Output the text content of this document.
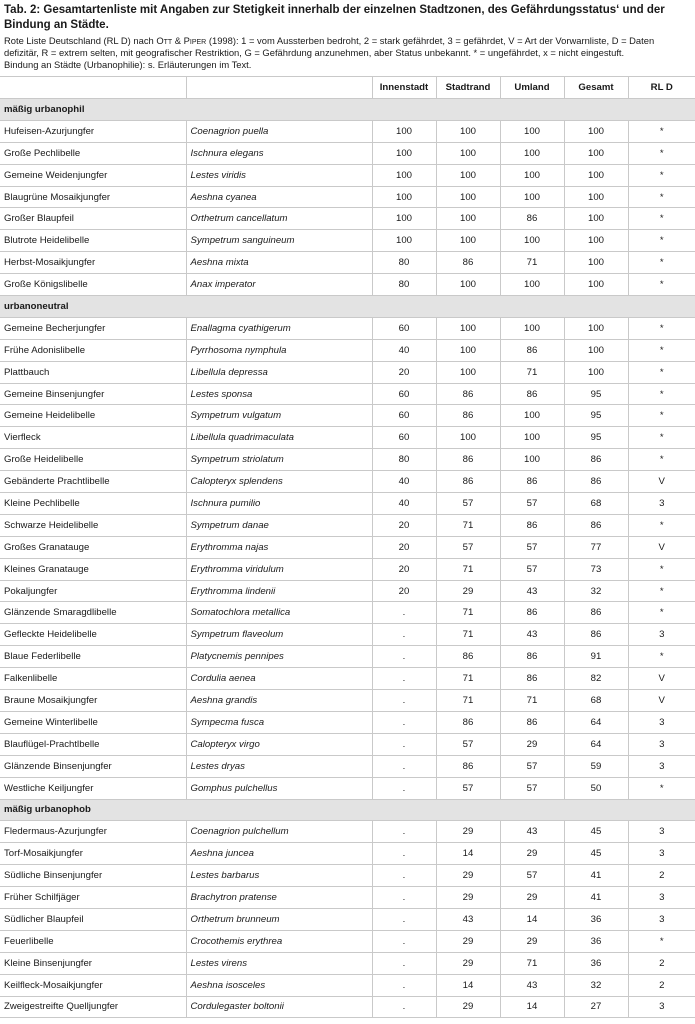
Tab. 2: Gesamtartenliste mit Angaben zur Stetigkeit innerhalb der einzelnen Stadtzonen, des Gefährdungsstatus‘ und der Bindung an Städte.

Rote Liste Deutschland (RL D) nach Ott & Piper (1998): 1 = vom Aussterben bedroht, 2 = stark gefährdet, 3 = gefährdet, V = Art der Vorwarnliste, D = Daten defizitär, R = extrem selten, mit geografischer Restriktion, G = Gefährdung anzunehmen, aber Status unbekannt. * = ungefährdet, x = nicht eingestuft.
Bindung an Städte (Urbanophilie): s. Erläuterungen im Text.
		Innenstadt	Stadtrand	Umland	Gesamt	RL D
mäßig urbanophil						
Hufeisen-Azurjungfer	Coenagrion puella	100	100	100	100	*
Große Pechlibelle	Ischnura elegans	100	100	100	100	*
Gemeine Weidenjungfer	Lestes viridis	100	100	100	100	*
Blaugrüne Mosaikjungfer	Aeshna cyanea	100	100	100	100	*
Großer Blaupfeil	Orthetrum cancellatum	100	100	86	100	*
Blutrote Heidelibelle	Sympetrum sanguineum	100	100	100	100	*
Herbst-Mosaikjungfer	Aeshna mixta	80	86	71	100	*
Große Königslibelle	Anax imperator	80	100	100	100	*
urbanoneutral						
Gemeine Becherjungfer	Enallagma cyathigerum	60	100	100	100	*
Frühe Adonislibelle	Pyrrhosoma nymphula	40	100	86	100	*
Plattbauch	Libellula depressa	20	100	71	100	*
Gemeine Binsenjungfer	Lestes sponsa	60	86	86	95	*
Gemeine Heidelibelle	Sympetrum vulgatum	60	86	100	95	*
Vierfleck	Libellula quadrimaculata	60	100	100	95	*
Große Heidelibelle	Sympetrum striolatum	80	86	100	86	*
Gebänderte Prachtlibelle	Calopteryx splendens	40	86	86	86	V
Kleine Pechlibelle	Ischnura pumilio	40	57	57	68	3
Schwarze Heidelibelle	Sympetrum danae	20	71	86	86	*
Großes Granatauge	Erythromma najas	20	57	57	77	V
Kleines Granatauge	Erythromma viridulum	20	71	57	73	*
Pokaljungfer	Erythromma lindenii	20	29	43	32	*
Glänzende Smaragdlibelle	Somatochlora metallica	.	71	86	86	*
Gefleckte Heidelibelle	Sympetrum flaveolum	.	71	43	86	3
Blaue Federlibelle	Platycnemis pennipes	.	86	86	91	*
Falkenlibelle	Cordulia aenea	.	71	86	82	V
Braune Mosaikjungfer	Aeshna grandis	.	71	71	68	V
Gemeine Winterlibelle	Sympecma fusca	.	86	86	64	3
Blauflügel-Prachtlbelle	Calopteryx virgo	.	57	29	64	3
Glänzende Binsenjungfer	Lestes dryas	.	86	57	59	3
Westliche Keiljungfer	Gomphus pulchellus	.	57	57	50	*
mäßig urbanophob						
Fledermaus-Azurjungfer	Coenagrion pulchellum	.	29	43	45	3
Torf-Mosaikjungfer	Aeshna juncea	.	14	29	45	3
Südliche Binsenjungfer	Lestes barbarus	.	29	57	41	2
Früher Schilfjäger	Brachytron pratense	.	29	29	41	3
Südlicher Blaupfeil	Orthetrum brunneum	.	43	14	36	3
Feuerlibelle	Crocothemis erythrea	.	29	29	36	*
Kleine Binsenjungfer	Lestes virens	.	29	71	36	2
Keilfleck-Mosaikjungfer	Aeshna isosceles	.	14	43	32	2
Zweigestreifte Quelljungfer	Cordulegaster boltonii	.	29	14	27	3
